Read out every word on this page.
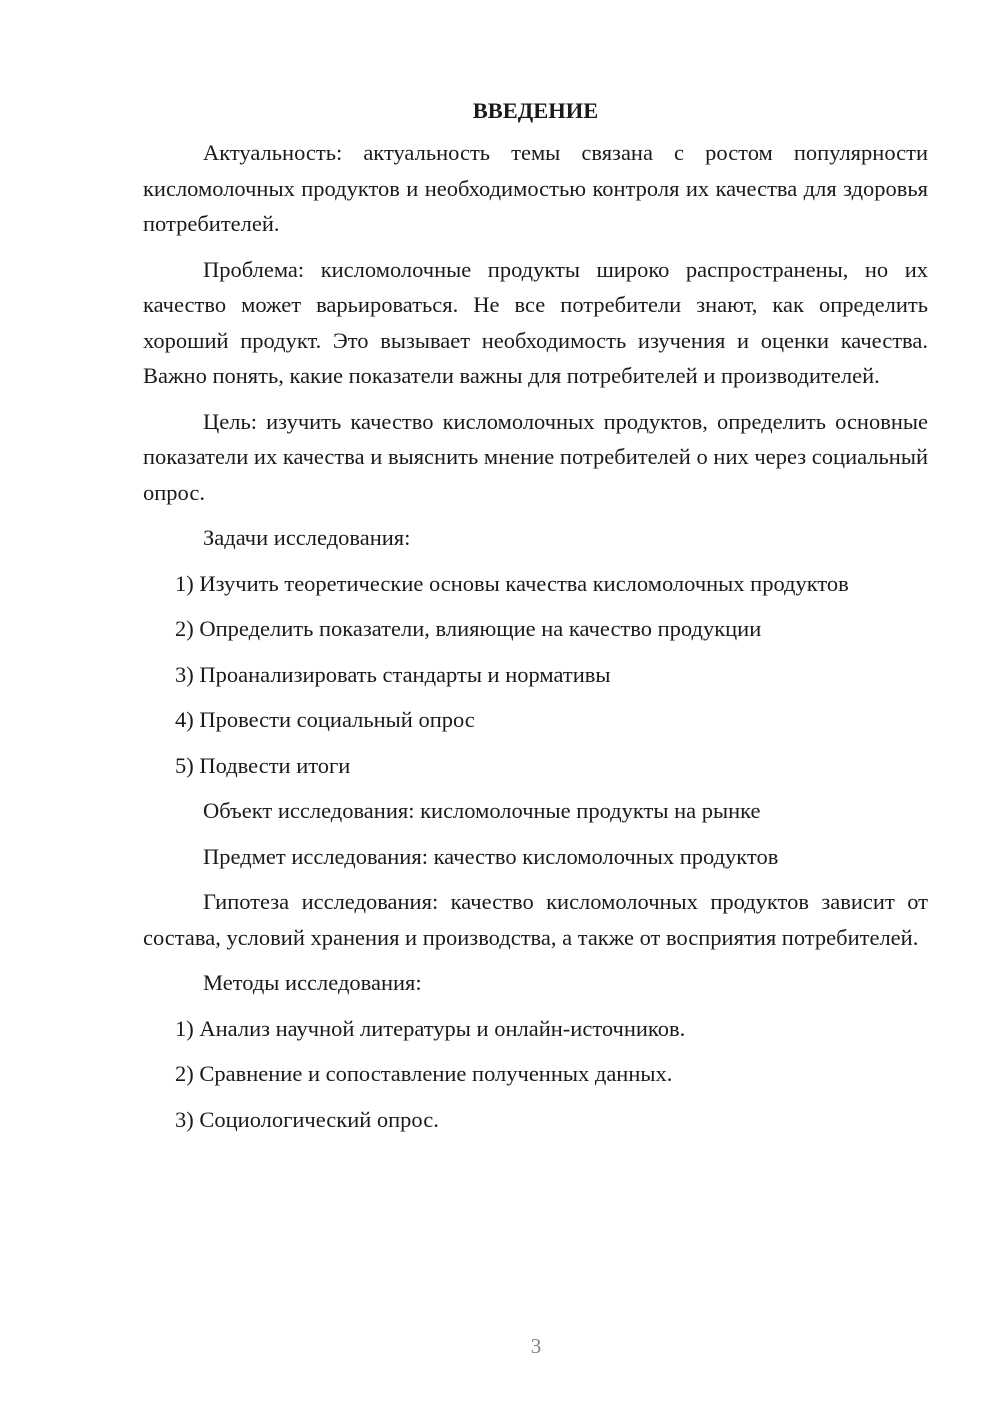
ВВЕДЕНИЕ

Актуальность: актуальность темы связана с ростом популярности кисломолочных продуктов и необходимостью контроля их качества для здоровья потребителей.

Проблема: кисломолочные продукты широко распространены, но их качество может варьироваться. Не все потребители знают, как определить хороший продукт. Это вызывает необходимость изучения и оценки качества. Важно понять, какие показатели важны для потребителей и производителей.

Цель: изучить качество кисломолочных продуктов, определить основные показатели их качества и выяснить мнение потребителей о них через социальный опрос.

Задачи исследования:

1) Изучить теоретические основы качества кисломолочных продуктов
2) Определить показатели, влияющие на качество продукции
3) Проанализировать стандарты и нормативы
4) Провести социальный опрос
5) Подвести итоги

Объект исследования: кисломолочные продукты на рынке

Предмет исследования: качество кисломолочных продуктов

Гипотеза исследования: качество кисломолочных продуктов зависит от состава, условий хранения и производства, а также от восприятия потребителей.

Методы исследования:

1) Анализ научной литературы и онлайн-источников.
2) Сравнение и сопоставление полученных данных.
3) Социологический опрос.
3
